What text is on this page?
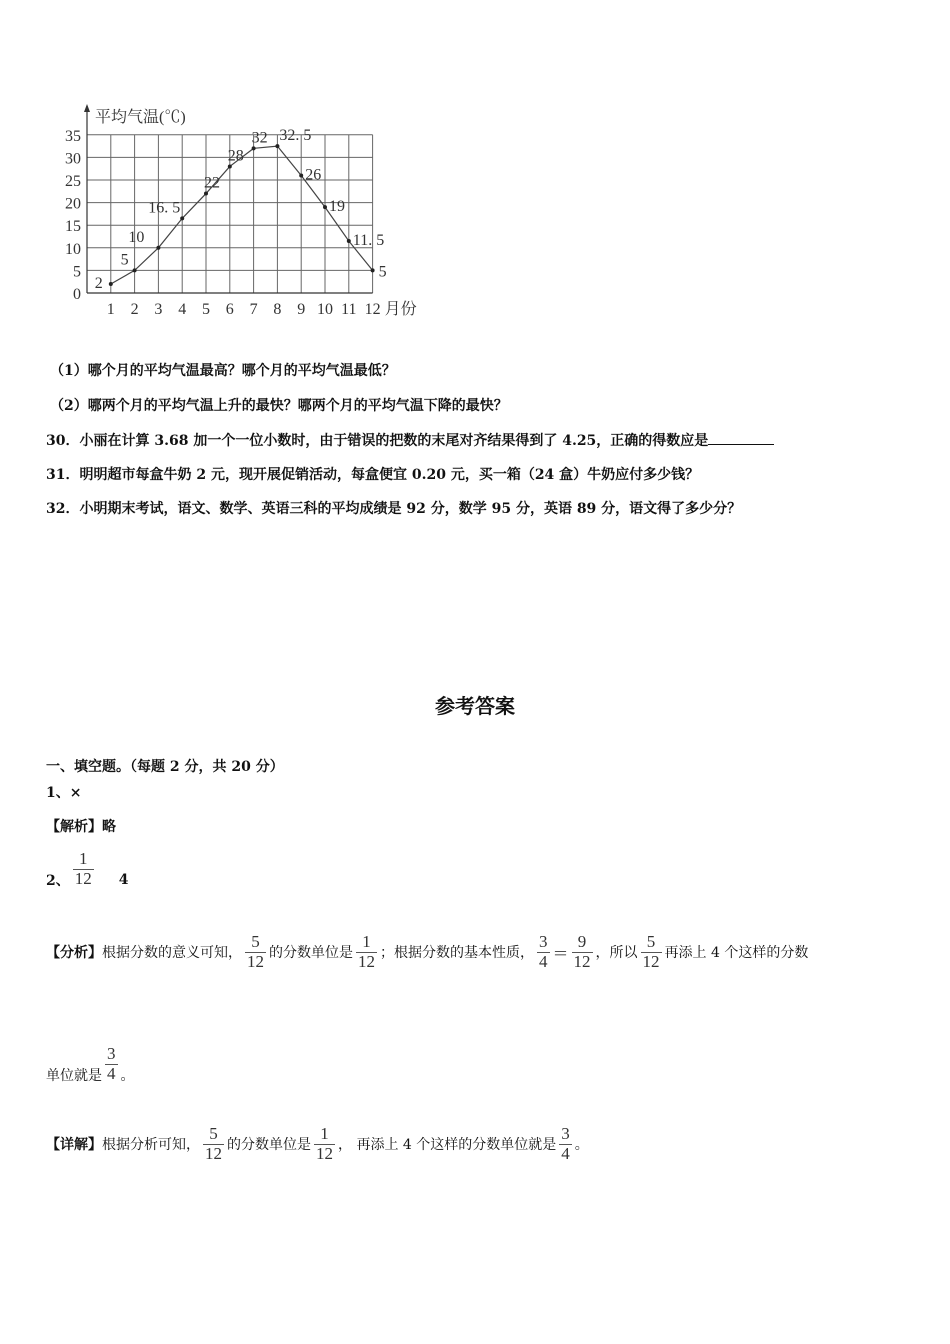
0
5
10
15
20
25
30
35
1 2 3 4 5 6 7 8 9 10 11 12
平均气温(℃)
月份
2
5
10
16. 5
22
28
32 32. 5
26
19
11. 5
5
（1）哪个月的平均气温最高？哪个月的平均气温最低？
（2）哪两个月的平均气温上升的最快？哪两个月的平均气温下降的最快？
30．小丽在计算 3.68 加一个一位小数时，由于错误的把数的末尾对齐结果得到了 4.25，正确的得数应是
31．明明超市每盒牛奶 2 元，现开展促销活动，每盒便宜 0.20 元，买一箱（24 盒）牛奶应付多少钱？
32．小明期末考试，语文、数学、英语三科的平均成绩是 92 分，数学 95 分，英语 89 分，语文得了多少分？
参考答案
一、填空题。（每题 2 分，共 20 分）
1、×
【解析】略
2、 $\frac{1}{12} 4$
【分析】 根据分数的意义可知， $\frac{5}{12}$ 的分数单位是 $\frac{1}{12}$ ；根据分数的基本性质， $\frac{3}{4} = \frac{9}{12}$ ，所以 $\frac{5}{12}$ 再添上 4 个这样的分数
单位就是 $\frac{3}{4}$ 。
【详解】 根据分析可知， $\frac{5}{12}$ 的分数单位是 $\frac{1}{12}$ ， 再添上 4 个这样的分数单位就是 $\frac{3}{4}$ 。
